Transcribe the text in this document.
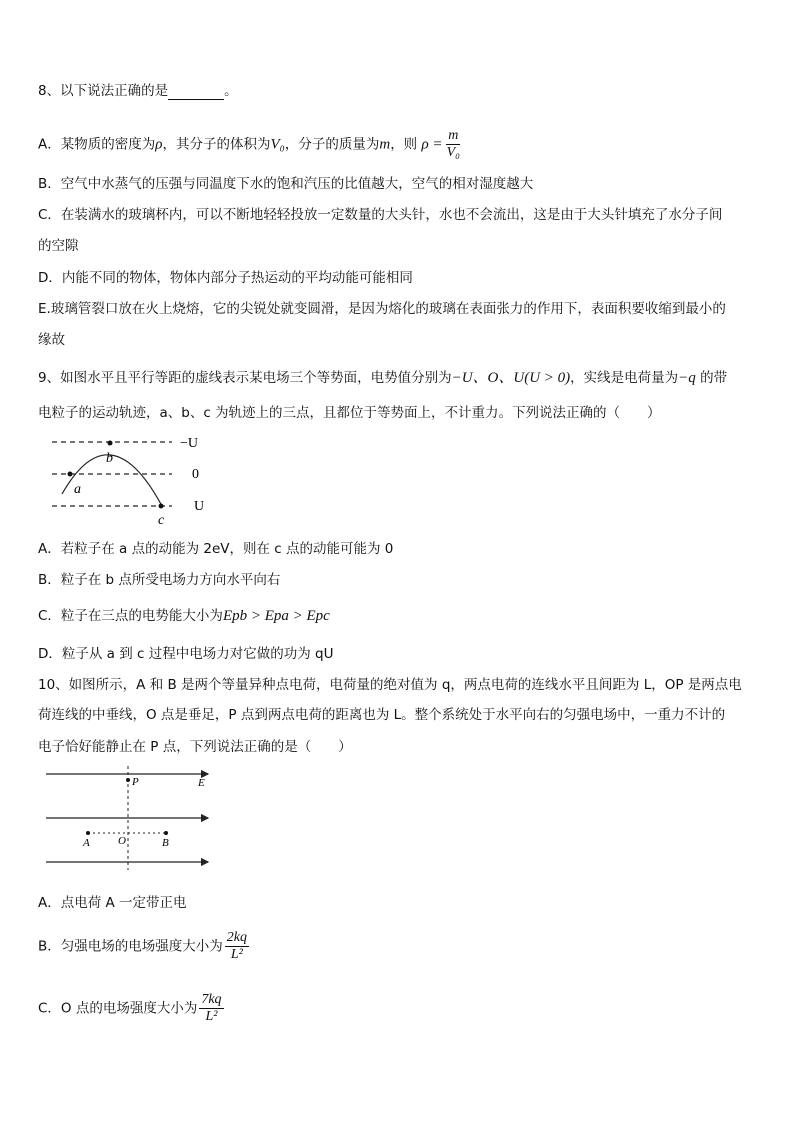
8、以下说法正确的是	。
A．某物质的密度为ρ，其分子的体积为V₀，分子的质量为m，则 $\rho = \frac{m}{\text{V₀}}$
B．空气中水蒸气的压强与同温度下水的饱和汽压的比值越大，空气的相对湿度越大
C．在装满水的玻璃杯内，可以不断地轻轻投放一定数量的大头针，水也不会流出，这是由于大头针填充了水分子间
的空隙
D．内能不同的物体，物体内部分子热运动的平均动能可能相同
E.玻璃管裂口放在火上烧熔，它的尖锐处就变圆滑，是因为熔化的玻璃在表面张力的作用下，表面积要收缩到最小的
缘故
9、如图水平且平行等距的虚线表示某电场三个等势面，电势值分别为−U、O、U(U > 0)，实线是电荷量为−q 的带
电粒子的运动轨迹，a、b、c 为轨迹上的三点，且都位于等势面上，不计重力。下列说法正确的（　　）
−U
0
U
a
b
c
A．若粒子在 a 点的动能为 2eV，则在 c 点的动能可能为 0
B．粒子在 b 点所受电场力方向水平向右
C．粒子在三点的电势能大小为Epb > Epa > Epc
D．粒子从 a 到 c 过程中电场力对它做的功为 qU
10、如图所示，A 和 B 是两个等量异种点电荷，电荷量的绝对值为 q，两点电荷的连线水平且间距为 L，OP 是两点电
荷连线的中垂线，O 点是垂足，P 点到两点电荷的距离也为 L。整个系统处于水平向右的匀强电场中，一重力不计的
电子恰好能静止在 P 点，下列说法正确的是（　　）
P	E
A	O	B
A．点电荷 A 一定带正电
B．匀强电场的电场强度大小为 $\frac{2kq}{\text{L²}}$
C．O 点的电场强度大小为 $\frac{7kq}{\text{L²}}$
